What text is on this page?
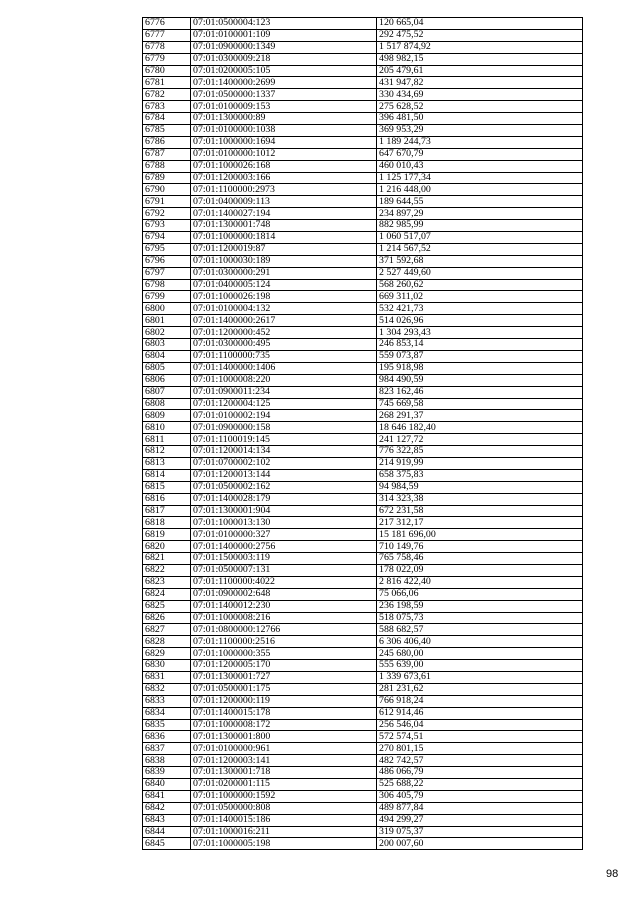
6776	07:01:0500004:123	120 665,04
6777	07:01:0100001:109	292 475,52
6778	07:01:0900000:1349	1 517 874,92
6779	07:01:0300009:218	498 982,15
6780	07:01:0200005:105	205 479,61
6781	07:01:1400000:2699	431 947,82
6782	07:01:0500000:1337	330 434,69
6783	07:01:0100009:153	275 628,52
6784	07:01:1300000:89	396 481,50
6785	07:01:0100000:1038	369 953,29
6786	07:01:1000000:1694	1 189 244,73
6787	07:01:0100000:1012	647 670,79
6788	07:01:1000026:168	460 010,43
6789	07:01:1200003:166	1 125 177,34
6790	07:01:1100000:2973	1 216 448,00
6791	07:01:0400009:113	189 644,55
6792	07:01:1400027:194	234 897,29
6793	07:01:1300001:748	882 985,99
6794	07:01:1000000:1814	1 060 517,07
6795	07:01:1200019:87	1 214 567,52
6796	07:01:1000030:189	371 592,68
6797	07:01:0300000:291	2 527 449,60
6798	07:01:0400005:124	568 260,62
6799	07:01:1000026:198	669 311,02
6800	07:01:0100004:132	532 421,73
6801	07:01:1400000:2617	514 026,96
6802	07:01:1200000:452	1 304 293,43
6803	07:01:0300000:495	246 853,14
6804	07:01:1100000:735	559 073,87
6805	07:01:1400000:1406	195 918,98
6806	07:01:1000008:220	984 490,59
6807	07:01:0900011:234	823 162,46
6808	07:01:1200004:125	745 669,58
6809	07:01:0100002:194	268 291,37
6810	07:01:0900000:158	18 646 182,40
6811	07:01:1100019:145	241 127,72
6812	07:01:1200014:134	776 322,85
6813	07:01:0700002:102	214 919,99
6814	07:01:1200013:144	658 375,83
6815	07:01:0500002:162	94 984,59
6816	07:01:1400028:179	314 323,38
6817	07:01:1300001:904	672 231,58
6818	07:01:1000013:130	217 312,17
6819	07:01:0100000:327	15 181 696,00
6820	07:01:1400000:2756	710 149,76
6821	07:01:1500003:119	765 758,46
6822	07:01:0500007:131	178 022,09
6823	07:01:1100000:4022	2 816 422,40
6824	07:01:0900002:648	75 066,06
6825	07:01:1400012:230	236 198,59
6826	07:01:1000008:216	518 075,73
6827	07:01:0800000:12766	588 682,57
6828	07:01:1100000:2516	6 306 406,40
6829	07:01:1000000:355	245 680,00
6830	07:01:1200005:170	555 639,00
6831	07:01:1300001:727	1 339 673,61
6832	07:01:0500001:175	281 231,62
6833	07:01:1200000:119	766 918,24
6834	07:01:1400015:178	612 914,46
6835	07:01:1000008:172	256 546,04
6836	07:01:1300001:800	572 574,51
6837	07:01:0100000:961	270 801,15
6838	07:01:1200003:141	482 742,57
6839	07:01:1300001:718	486 066,79
6840	07:01:0200001:115	525 688,22
6841	07:01:1000000:1592	306 405,79
6842	07:01:0500000:808	489 877,84
6843	07:01:1400015:186	494 299,27
6844	07:01:1000016:211	319 075,37
6845	07:01:1000005:198	200 007,60
98
